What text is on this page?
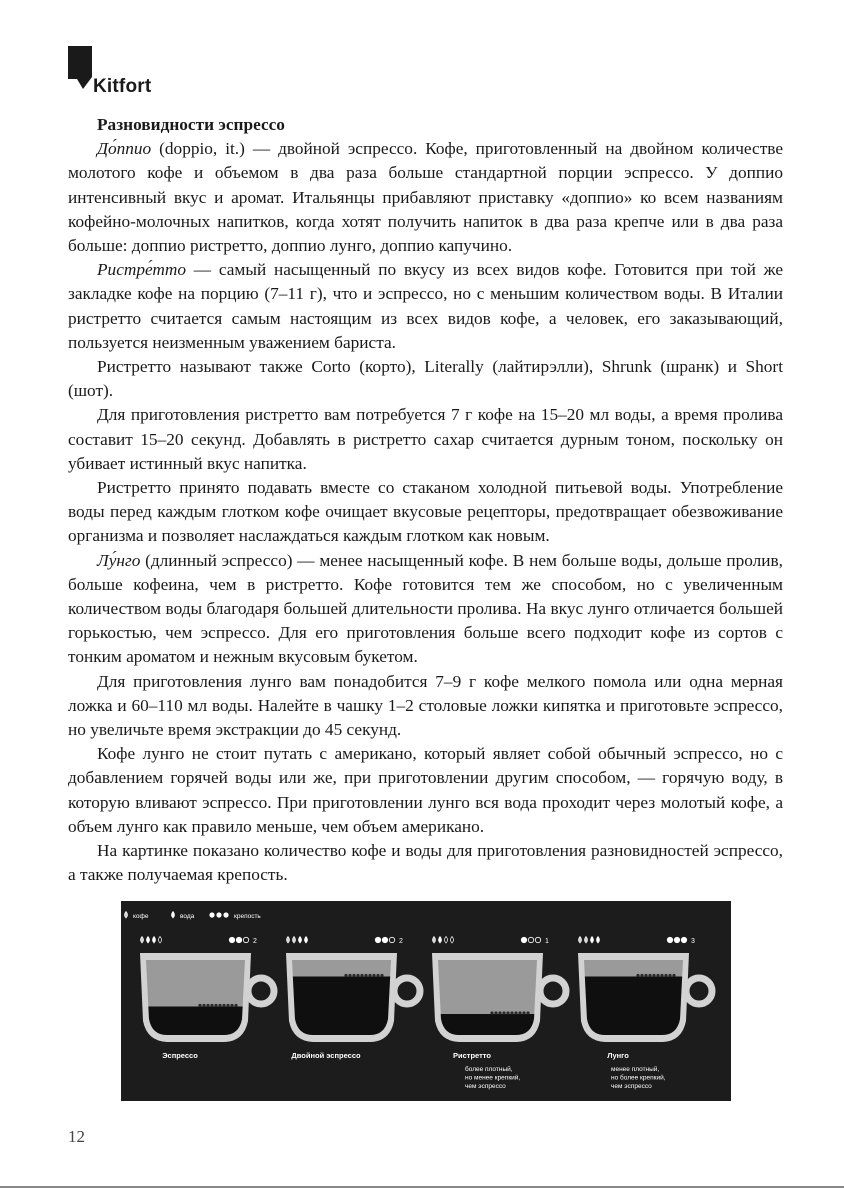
Kitfort
Разновидности эспрессо

До́ппио (doppio, it.) — двойной эспрессо. Кофе, приготовленный на двойном количестве молотого кофе и объемом в два раза больше стандартной порции эспрессо. У доппио интенсивный вкус и аромат. Итальянцы прибавляют приставку «доппио» ко всем названиям кофейно-молочных напитков, когда хотят получить напиток в два раза крепче или в два раза больше: доппио ристретто, доппио лунго, доппио капучино.

Ристре́тто — самый насыщенный по вкусу из всех видов кофе. Готовится при той же закладке кофе на порцию (7–11 г), что и эспрессо, но с меньшим количеством воды. В Италии ристретто считается самым настоящим из всех видов кофе, а человек, его заказывающий, пользуется неизменным уважением бариста.

Ристретто называют также Corto (корто), Literally (лайтирэлли), Shrunk (шранк) и Short (шот).

Для приготовления ристретто вам потребуется 7 г кофе на 15–20 мл воды, а время пролива составит 15–20 секунд. Добавлять в ристретто сахар считается дурным тоном, поскольку он убивает истинный вкус напитка.

Ристретто принято подавать вместе со стаканом холодной питьевой воды. Употребление воды перед каждым глотком кофе очищает вкусовые рецепторы, предотвращает обезвоживание организма и позволяет наслаждаться каждым глотком как новым.

Лу́нго (длинный эспрессо) — менее насыщенный кофе. В нем больше воды, дольше пролив, больше кофеина, чем в ристретто. Кофе готовится тем же способом, но с увеличенным количеством воды благодаря большей длительности пролива. На вкус лунго отличается большей горькостью, чем эспрессо. Для его приготовления больше всего подходит кофе из сортов с тонким ароматом и нежным вкусовым букетом.

Для приготовления лунго вам понадобится 7–9 г кофе мелкого помола или одна мерная ложка и 60–110 мл воды. Налейте в чашку 1–2 столовые ложки кипятка и приготовьте эспрессо, но увеличьте время экстракции до 45 секунд.

Кофе лунго не стоит путать с американо, который являет собой обычный эспрессо, но с добавлением горячей воды или же, при приготовлении другим способом, — горячую воду, в которую вливают эспрессо. При приготовлении лунго вся вода проходит через молотый кофе, а объем лунго как правило меньше, чем объем американо.

На картинке показано количество кофе и воды для приготовления разновидностей эспрессо, а также получаемая крепость.

кофе	вода	крепость
2
Эспрессо
2
Двойной эспрессо
1
Ристретто
более плотный,
но менее крепкий,
чем эспрессо
3
Лунго
менее плотный,
но более крепкий,
чем эспрессо
12
